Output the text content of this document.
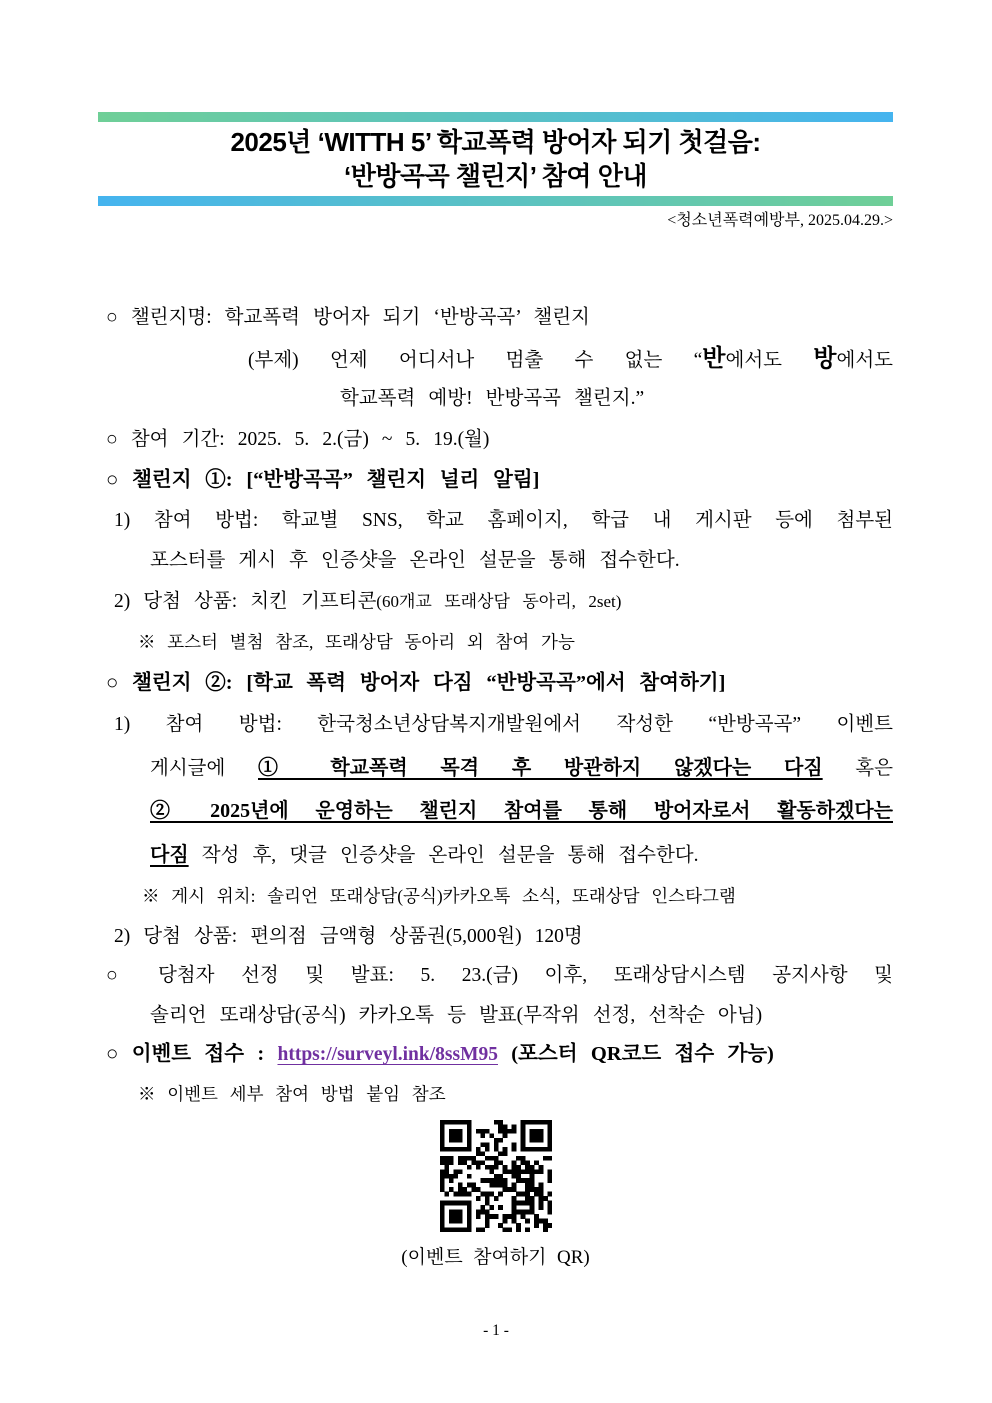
2025년 ‘WITTH 5’ 학교폭력 방어자 되기 첫걸음:
‘반방곡곡 챌린지’ 참여 안내
<청소년폭력예방부, 2025.04.29.>
○ 챌린지명: 학교폭력 방어자 되기 ‘반방곡곡’ 챌린지
(부제) 언제 어디서나 멈출 수 없는 “반에서도 방에서도
학교폭력 예방! 반방곡곡 챌린지.”
○ 참여 기간: 2025. 5. 2.(금) ~ 5. 19.(월)
○ 챌린지 ①: [“반방곡곡” 챌린지 널리 알림]
1) 참여 방법: 학교별 SNS, 학교 홈페이지, 학급 내 게시판 등에 첨부된
포스터를 게시 후 인증샷을 온라인 설문을 통해 접수한다.
2) 당첨 상품: 치킨 기프티콘(60개교 또래상담 동아리, 2set)
※ 포스터 별첨 참조, 또래상담 동아리 외 참여 가능
○ 챌린지 ②: [학교 폭력 방어자 다짐 “반방곡곡”에서 참여하기]
1) 참여 방법: 한국청소년상담복지개발원에서 작성한 “반방곡곡” 이벤트
게시글에 ① 학교폭력 목격 후 방관하지 않겠다는 다짐 혹은
② 2025년에 운영하는 챌린지 참여를 통해 방어자로서 활동하겠다는
다짐 작성 후, 댓글 인증샷을 온라인 설문을 통해 접수한다.
※ 게시 위치: 솔리언 또래상담(공식)카카오톡 소식, 또래상담 인스타그램
2) 당첨 상품: 편의점 금액형 상품권(5,000원) 120명
○ 당첨자 선정 및 발표: 5. 23.(금) 이후, 또래상담시스템 공지사항 및
솔리언 또래상담(공식) 카카오톡 등 발표(무작위 선정, 선착순 아님)
○ 이벤트 접수 : https://surveyl.ink/8ssM95 (포스터 QR코드 접수 가능)
※ 이벤트 세부 참여 방법 붙임 참조
(이벤트 참여하기 QR)
- 1 -
